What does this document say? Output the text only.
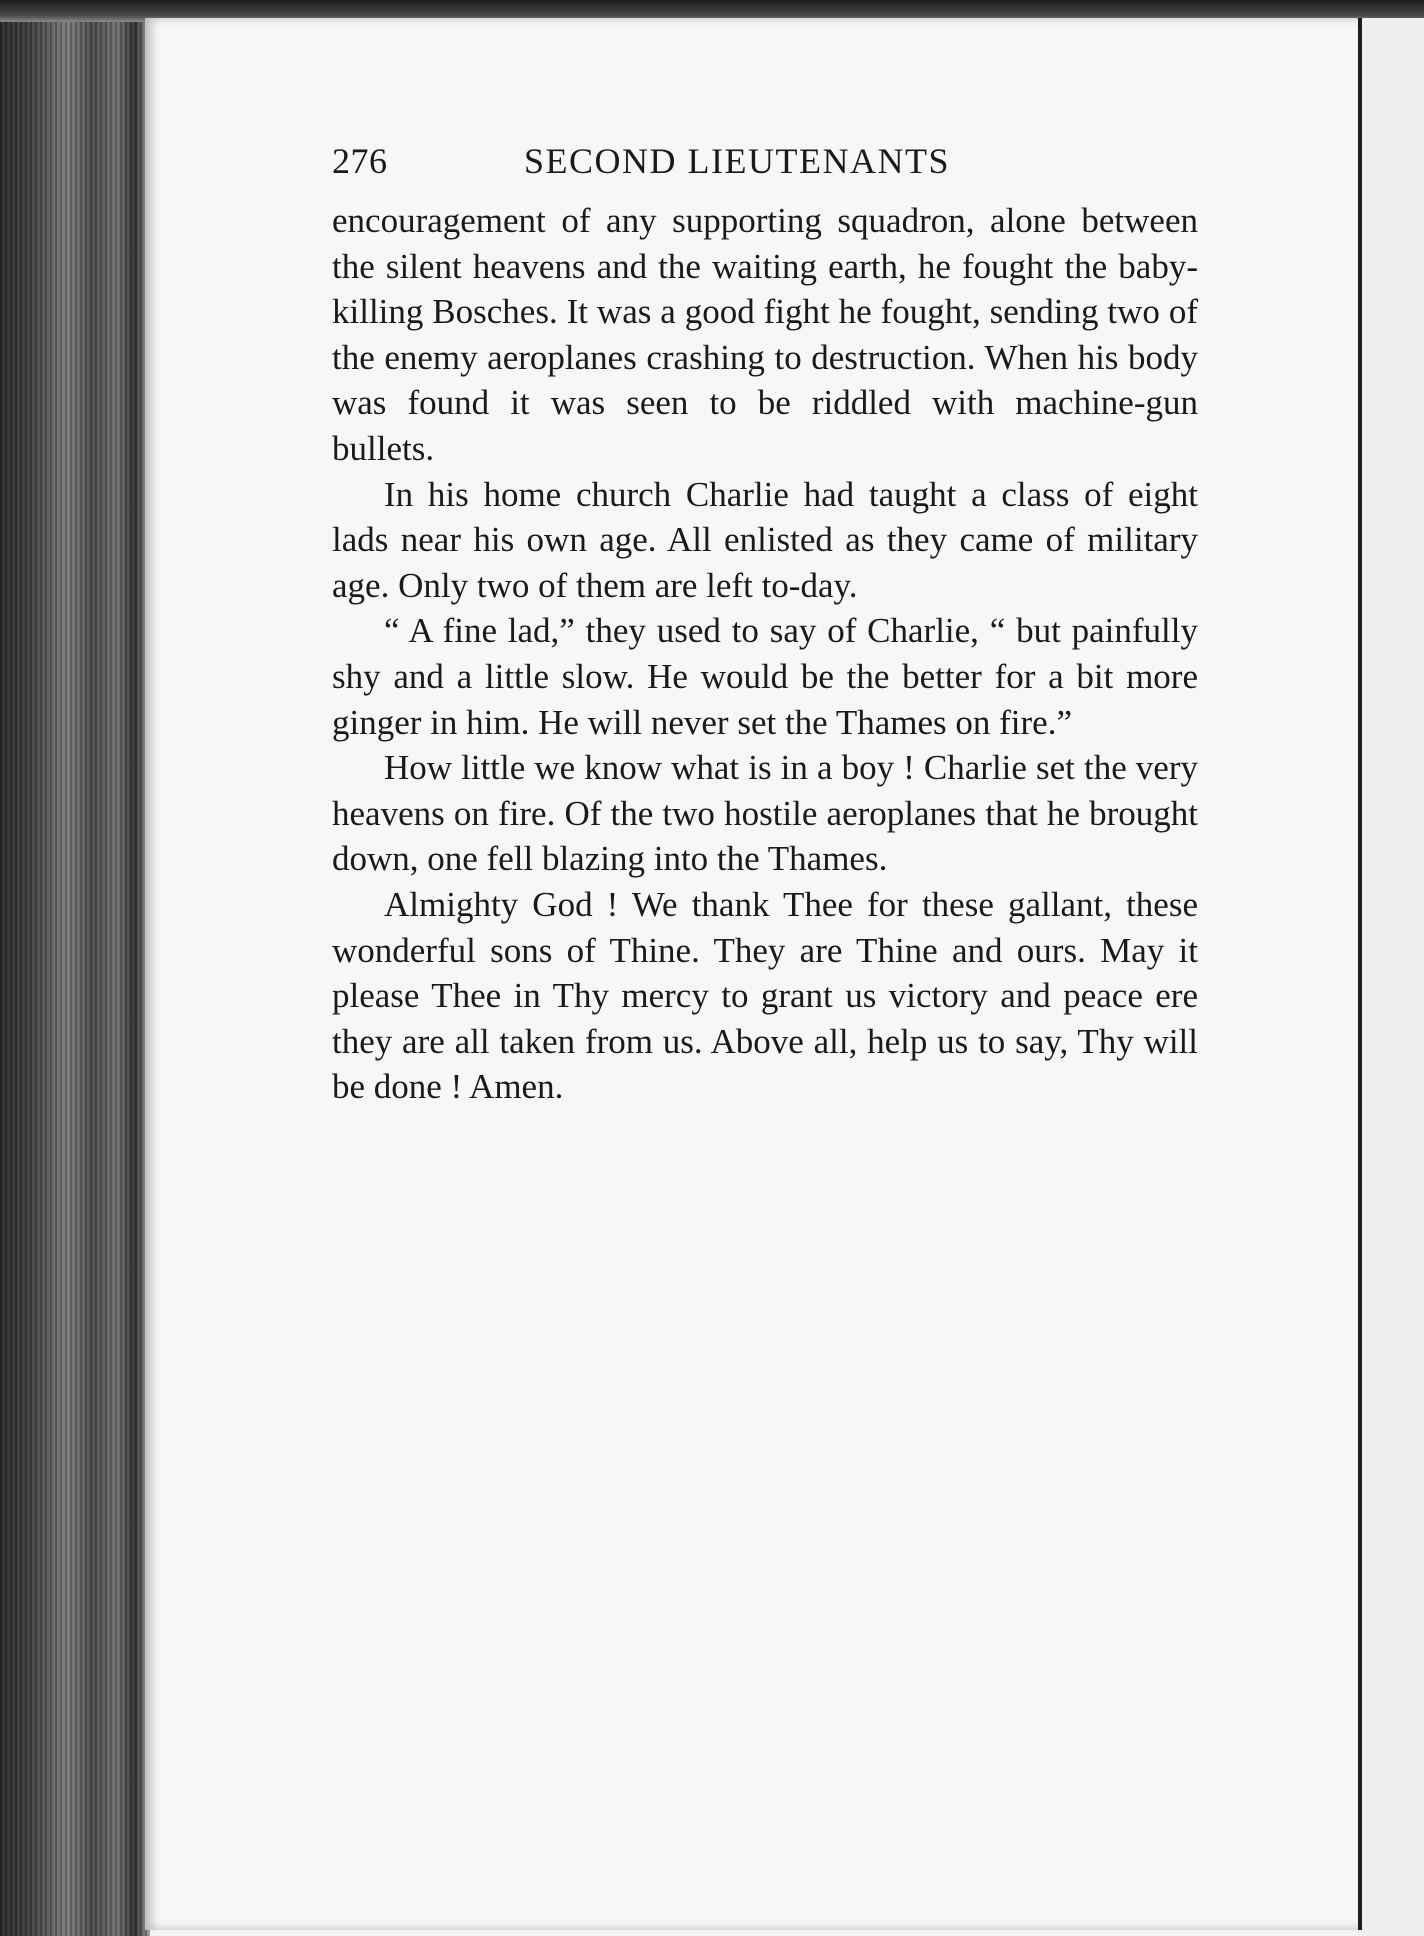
276	SECOND LIEUTENANTS

encouragement of any supporting squadron, alone between the silent heavens and the waiting earth, he fought the baby-killing Bosches. It was a good fight he fought, sending two of the enemy aeroplanes crashing to destruction. When his body was found it was seen to be riddled with machine-gun bullets.

In his home church Charlie had taught a class of eight lads near his own age. All enlisted as they came of military age. Only two of them are left to-day.

“ A fine lad,” they used to say of Charlie, “ but painfully shy and a little slow. He would be the better for a bit more ginger in him. He will never set the Thames on fire.”

How little we know what is in a boy ! Charlie set the very heavens on fire. Of the two hostile aeroplanes that he brought down, one fell blazing into the Thames.

Almighty God ! We thank Thee for these gallant, these wonderful sons of Thine. They are Thine and ours. May it please Thee in Thy mercy to grant us victory and peace ere they are all taken from us. Above all, help us to say, Thy will be done ! Amen.
